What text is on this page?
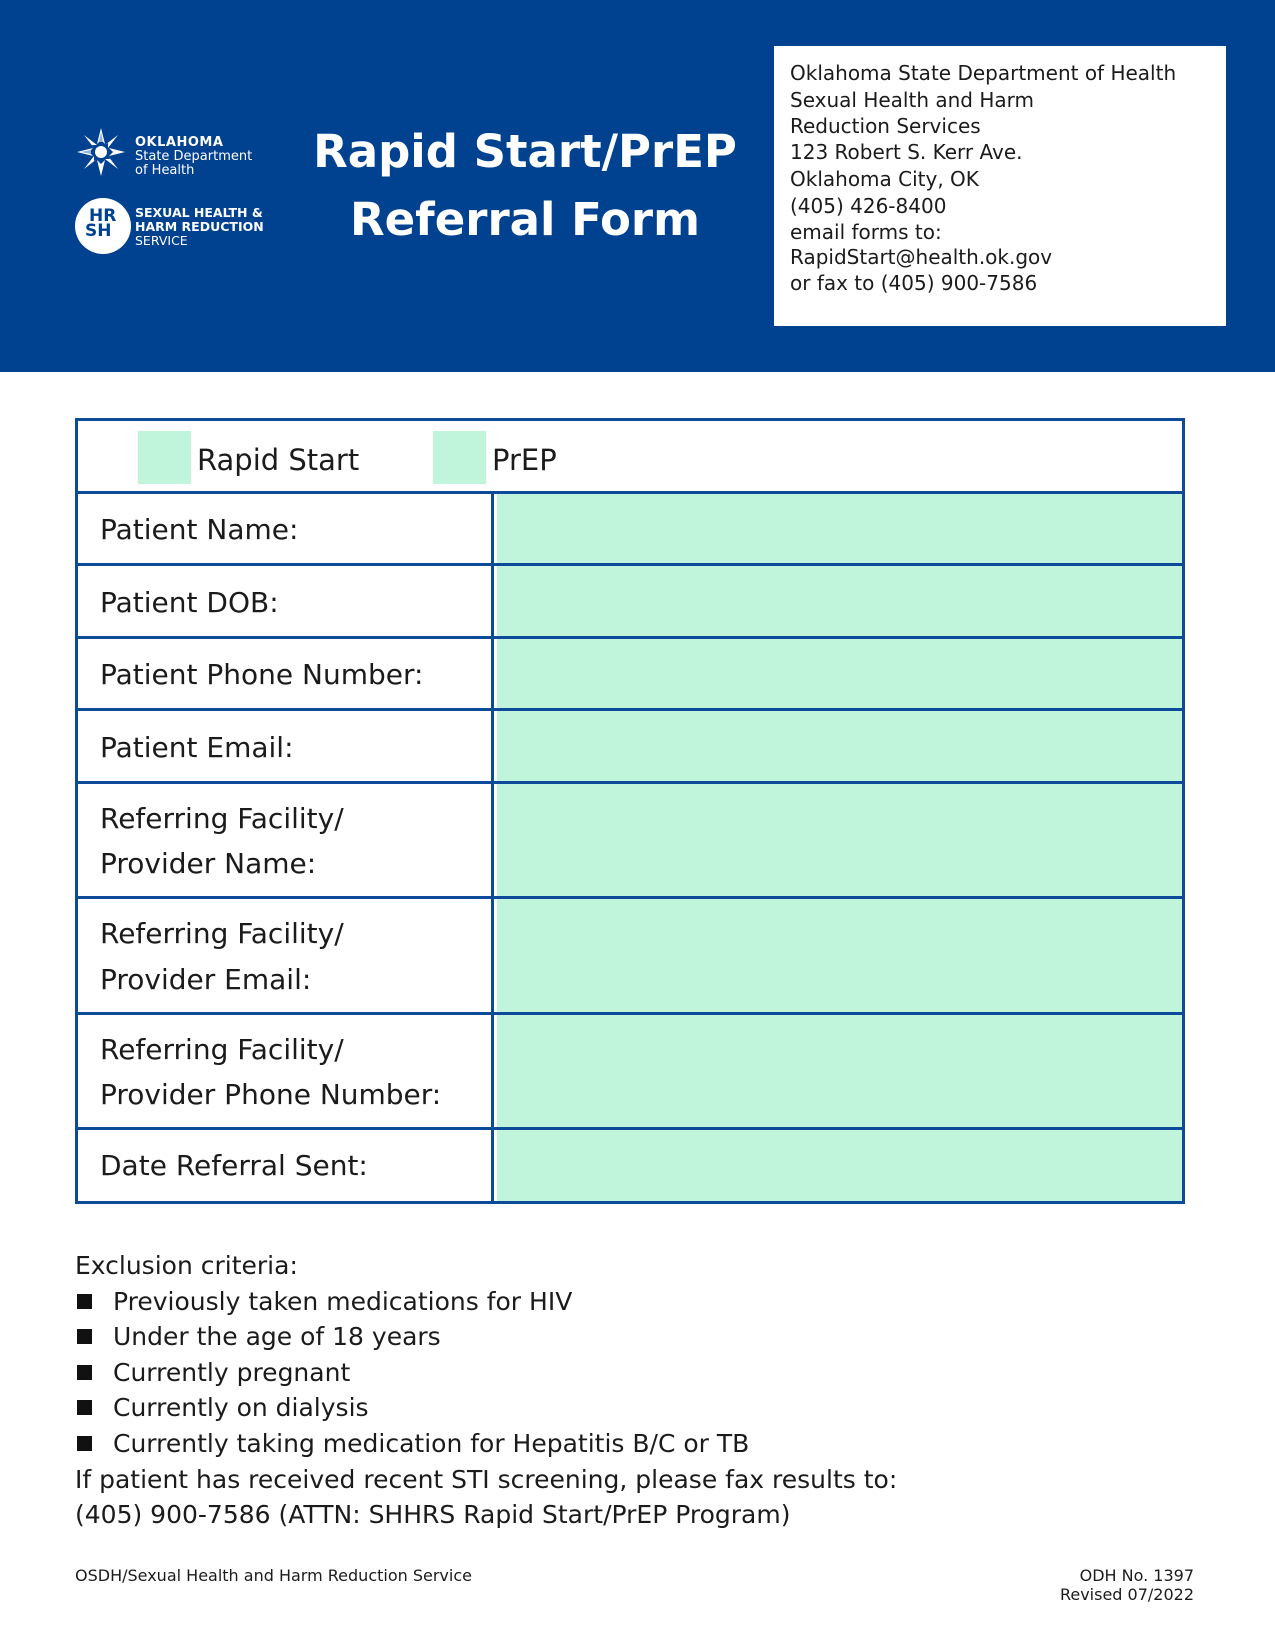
OKLAHOMA
State Department
of Health
HR
SH
SEXUAL HEALTH &
HARM REDUCTION
SERVICE
Rapid Start/PrEP
Referral Form
Oklahoma State Department of Health
Sexual Health and Harm
Reduction Services
123 Robert S. Kerr Ave.
Oklahoma City, OK
(405) 426-8400
email forms to:
RapidStart@health.ok.gov
or fax to (405) 900-7586
Rapid Start	PrEP
Patient Name:
Patient DOB:
Patient Phone Number:
Patient Email:
Referring Facility/
Provider Name:
Referring Facility/
Provider Email:
Referring Facility/
Provider Phone Number:
Date Referral Sent:
Exclusion criteria:
Previously taken medications for HIV
Under the age of 18 years
Currently pregnant
Currently on dialysis
Currently taking medication for Hepatitis B/C or TB
If patient has received recent STI screening, please fax results to:
(405) 900-7586 (ATTN: SHHRS Rapid Start/PrEP Program)
OSDH/Sexual Health and Harm Reduction Service	ODH No. 1397
Revised 07/2022
